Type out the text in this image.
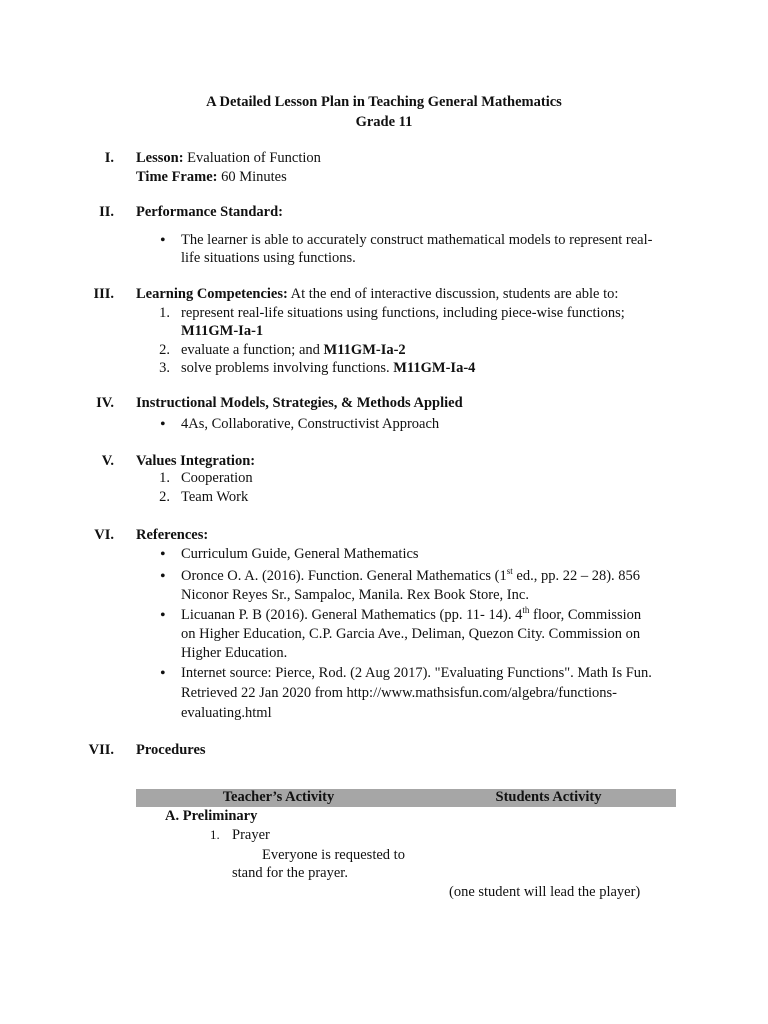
A Detailed Lesson Plan in Teaching General Mathematics
Grade 11
I. Lesson: Evaluation of Function
Time Frame: 60 Minutes
II. Performance Standard:
•
The learner is able to accurately construct mathematical models to represent real-
life situations using functions.
III. Learning Competencies: At the end of interactive discussion, students are able to:
1. represent real-life situations using functions, including piece-wise functions;
M11GM-Ia-1
2. evaluate a function; and M11GM-Ia-2
3. solve problems involving functions. M11GM-Ia-4
IV. Instructional Models, Strategies, & Methods Applied
•
4As, Collaborative, Constructivist Approach
V. Values Integration:
1. Cooperation
2. Team Work
VI. References:
•
Curriculum Guide, General Mathematics
•
Oronce O. A. (2016). Function. General Mathematics (1st ed., pp. 22 – 28). 856
Niconor Reyes Sr., Sampaloc, Manila. Rex Book Store, Inc.
•
Licuanan P. B (2016). General Mathematics (pp. 11- 14). 4th floor, Commission
on Higher Education, C.P. Garcia Ave., Deliman, Quezon City. Commission on
Higher Education.
•
Internet source: Pierce, Rod. (2 Aug 2017). "Evaluating Functions". Math Is Fun.
Retrieved 22 Jan 2020 from http://www.mathsisfun.com/algebra/functions-
evaluating.html
VII. Procedures
Teacher’s Activity	Students Activity
A. Preliminary
1. Prayer
Everyone is requested to
stand for the prayer.
(one student will lead the player)
